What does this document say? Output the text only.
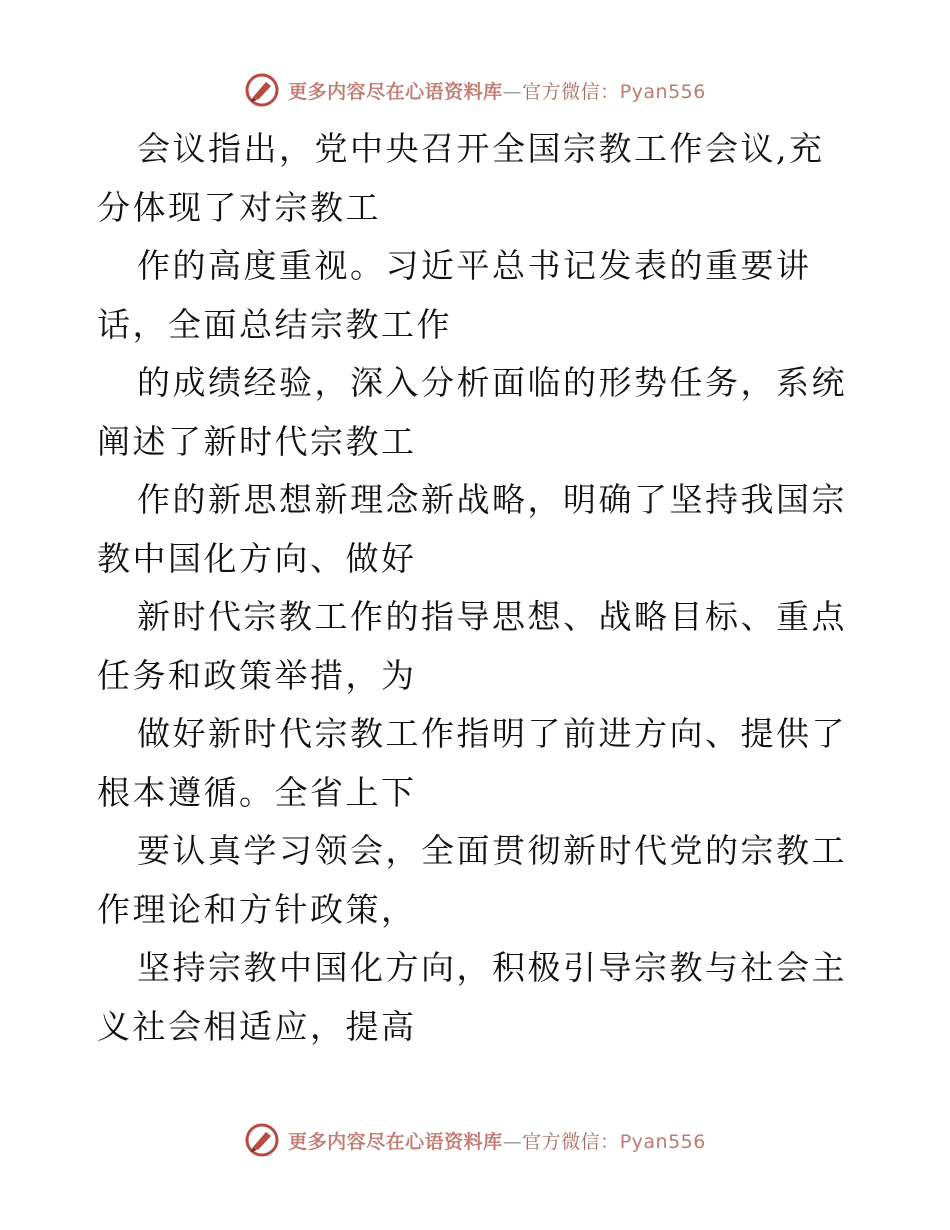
更多内容尽在心语资料库—官方微信：Pyan556

会议指出，党中央召开全国宗教工作会议,充分体现了对宗教工

作的高度重视。习近平总书记发表的重要讲话，全面总结宗教工作

的成绩经验，深入分析面临的形势任务，系统阐述了新时代宗教工

作的新思想新理念新战略，明确了坚持我国宗教中国化方向、做好

新时代宗教工作的指导思想、战略目标、重点任务和政策举措，为

做好新时代宗教工作指明了前进方向、提供了根本遵循。全省上下

要认真学习领会，全面贯彻新时代党的宗教工作理论和方针政策，

坚持宗教中国化方向，积极引导宗教与社会主义社会相适应，提高

更多内容尽在心语资料库—官方微信：Pyan556
